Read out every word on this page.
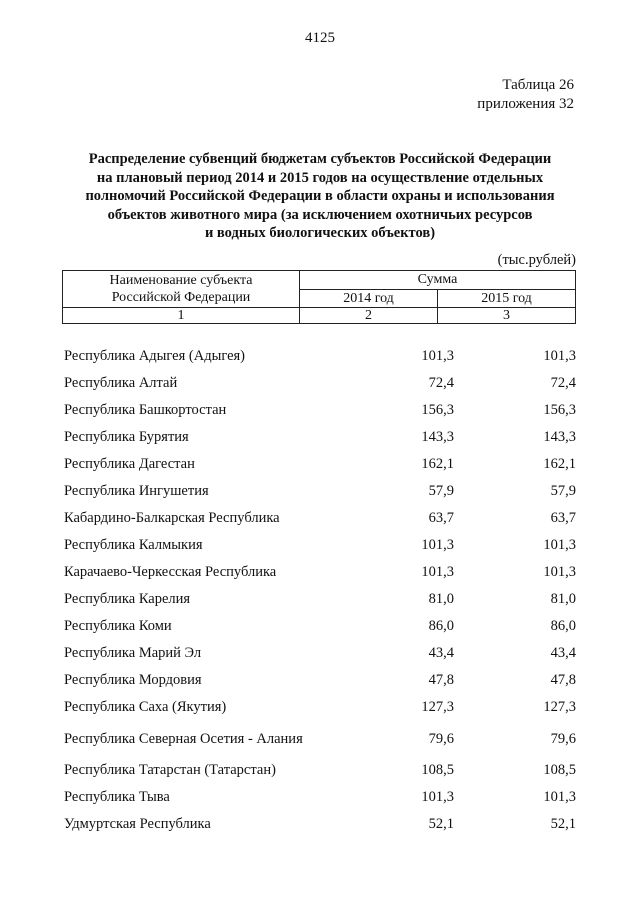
4125
Таблица 26
приложения 32
Распределение субвенций бюджетам субъектов Российской Федерации
на плановый период 2014 и 2015 годов на осуществление отдельных
полномочий Российской Федерации в области охраны и использования
объектов животного мира (за исключением охотничьих ресурсов
и водных биологических объектов)
(тыс.рублей)
Наименование субъекта
Российской Федерации	Сумма	
	2014 год	2015 год
1	2	3
Республика Адыгея (Адыгея)	101,3	101,3
Республика Алтай	72,4	72,4
Республика Башкортостан	156,3	156,3
Республика Бурятия	143,3	143,3
Республика Дагестан	162,1	162,1
Республика Ингушетия	57,9	57,9
Кабардино-Балкарская Республика	63,7	63,7
Республика Калмыкия	101,3	101,3
Карачаево-Черкесская Республика	101,3	101,3
Республика Карелия	81,0	81,0
Республика Коми	86,0	86,0
Республика Марий Эл	43,4	43,4
Республика Мордовия	47,8	47,8
Республика Саха (Якутия)	127,3	127,3
Республика Северная Осетия - Алания	79,6	79,6
Республика Татарстан (Татарстан)	108,5	108,5
Республика Тыва	101,3	101,3
Удмуртская Республика	52,1	52,1
